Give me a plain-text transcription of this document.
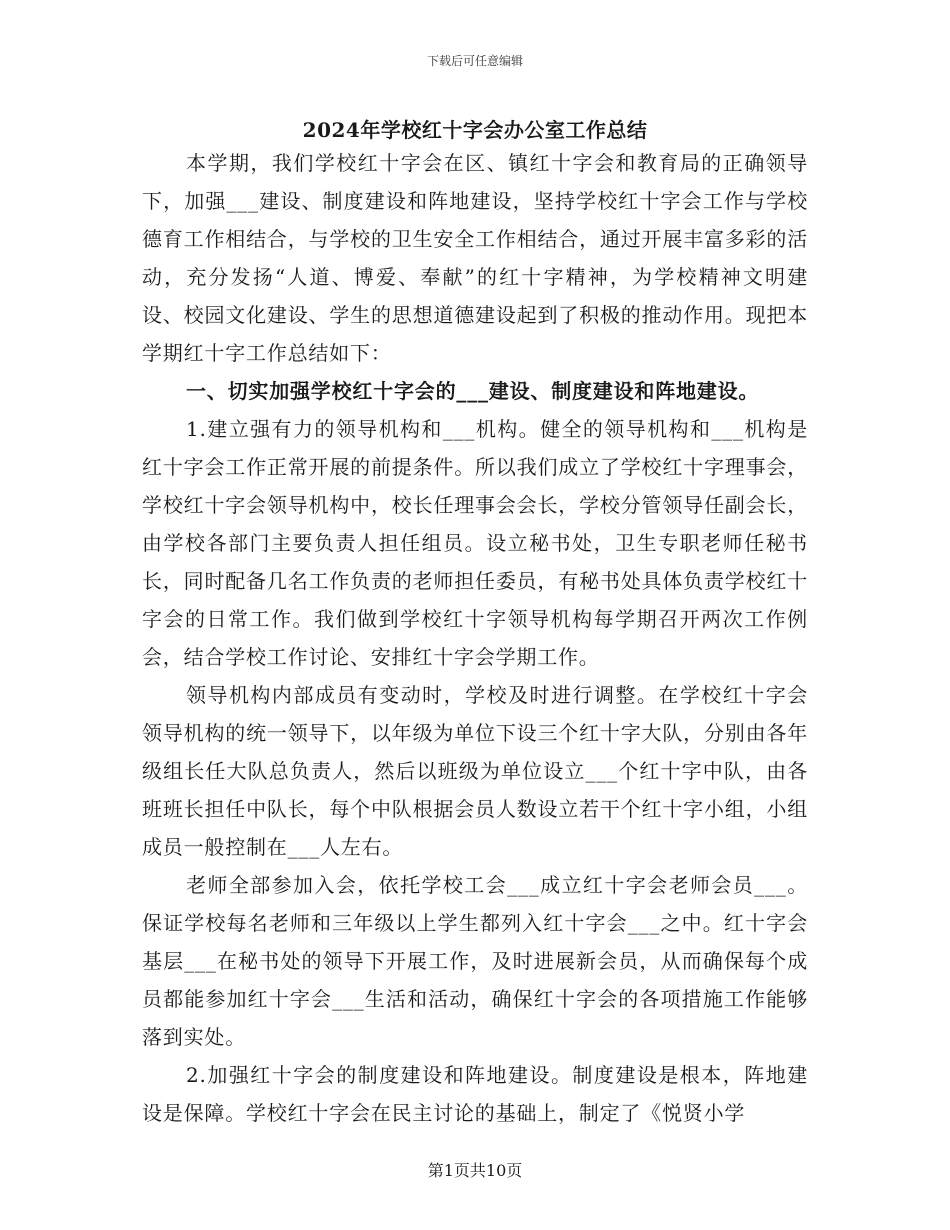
下载后可任意编辑
2024年学校红十字会办公室工作总结

本学期，我们学校红十字会在区、镇红十字会和教育局的正确领导下，加强___建设、制度建设和阵地建设，坚持学校红十字会工作与学校德育工作相结合，与学校的卫生安全工作相结合，通过开展丰富多彩的活动，充分发扬“人道、博爱、奉献”的红十字精神，为学校精神文明建设、校园文化建设、学生的思想道德建设起到了积极的推动作用。现把本学期红十字工作总结如下：

一、切实加强学校红十字会的___建设、制度建设和阵地建设。

1.建立强有力的领导机构和___机构。健全的领导机构和___机构是红十字会工作正常开展的前提条件。所以我们成立了学校红十字理事会，学校红十字会领导机构中，校长任理事会会长，学校分管领导任副会长，由学校各部门主要负责人担任组员。设立秘书处，卫生专职老师任秘书长，同时配备几名工作负责的老师担任委员，有秘书处具体负责学校红十字会的日常工作。我们做到学校红十字领导机构每学期召开两次工作例会，结合学校工作讨论、安排红十字会学期工作。

领导机构内部成员有变动时，学校及时进行调整。在学校红十字会领导机构的统一领导下，以年级为单位下设三个红十字大队，分别由各年级组长任大队总负责人，然后以班级为单位设立___个红十字中队，由各班班长担任中队长，每个中队根据会员人数设立若干个红十字小组，小组成员一般控制在___人左右。

老师全部参加入会，依托学校工会___成立红十字会老师会员___。保证学校每名老师和三年级以上学生都列入红十字会___之中。红十字会基层___在秘书处的领导下开展工作，及时进展新会员，从而确保每个成员都能参加红十字会___生活和活动，确保红十字会的各项措施工作能够落到实处。

2.加强红十字会的制度建设和阵地建设。制度建设是根本，阵地建设是保障。学校红十字会在民主讨论的基础上，制定了《悦贤小学

第1页共10页
